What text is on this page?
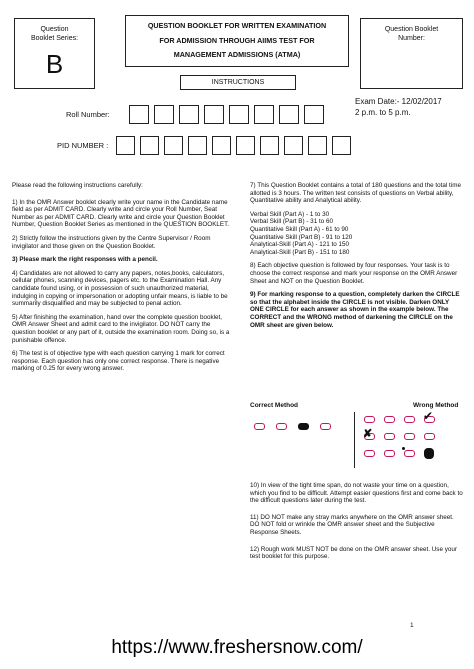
Question Booklet Series:
B
QUESTION BOOKLET FOR WRITTEN EXAMINATION
FOR ADMISSION THROUGH AIIMS TEST FOR
MANAGEMENT ADMISSIONS (ATMA)
Question Booklet Number:
INSTRUCTIONS
Exam Date:- 12/02/2017
2 p.m. to 5 p.m.
Roll Number:
PID NUMBER :

Please read the following instructions carefully:

1) In the OMR Answer booklet clearly write your name in the Candidate name field as per ADMIT CARD. Clearly write and circle your Roll Number, Seat Number as per ADMIT CARD. Clearly write and circle your Question Booklet Number, Question Booklet Series as mentioned in the QUESTION BOOKLET.

2) Strictly follow the instructions given by the Centre Supervisor / Room invigilator and those given on the Question Booklet.

3) Please mark the right responses with a pencil.

4) Candidates are not allowed to carry any papers, notes,books, calculators, cellular phones, scanning devices, pagers etc. to the Examination Hall. Any candidate found using, or in possession of such unauthorized material, indulging in copying or impersonation or adopting unfair means, is liable to be summarily disqualified and may be subjected to penal action.

5) After finishing the examination, hand over the complete question booklet, OMR Answer Sheet and admit card to the invigilator. DO NOT carry the question booklet or any part of it, outside the examination room. Doing so, is a punishable offence.

6) The test is of objective type with each question carrying 1 mark for correct response. Each question has only one correct response. There is negative marking of 0.25 for every wrong answer.

7) This Question Booklet contains a total of 180 questions and the total time allotted is 3 hours. The written test consists of questions on Verbal ability, Quantitative ability and Analytical ability.

Verbal Skill (Part A) - 1 to 30
Verbal Skill (Part B) - 31 to 60
Quantitative Skill (Part A) - 61 to 90
Quantitative Skill (Part B) - 91 to 120
Analytical-Skill (Part A) - 121 to 150
Analytical-Skill (Part B) - 151 to 180

8) Each objective question is followed by four responses. Your task is to choose the correct response and mark your response on the OMR Answer Sheet and NOT on the Question Booklet.

9) For marking response to a question, completely darken the CIRCLE so that the alphabet inside the CIRCLE is not visible. Darken ONLY ONE CIRCLE for each answer as shown in the example below. The CORRECT and the WRONG method of darkening the CIRCLE on the OMR sheet are given below.

Correct Method	Wrong Method
✔
✘

10) In view of the tight time span, do not waste your time on a question, which you find to be difficult. Attempt easier questions first and come back to the difficult questions later during the test.

11) DO NOT make any stray marks anywhere on the OMR answer sheet. DO NOT fold or wrinkle the OMR answer sheet and the Subjective Response Sheets.

12) Rough work MUST NOT be done on the OMR answer sheet. Use your test booklet for this purpose.

1
https://www.freshersnow.com/
